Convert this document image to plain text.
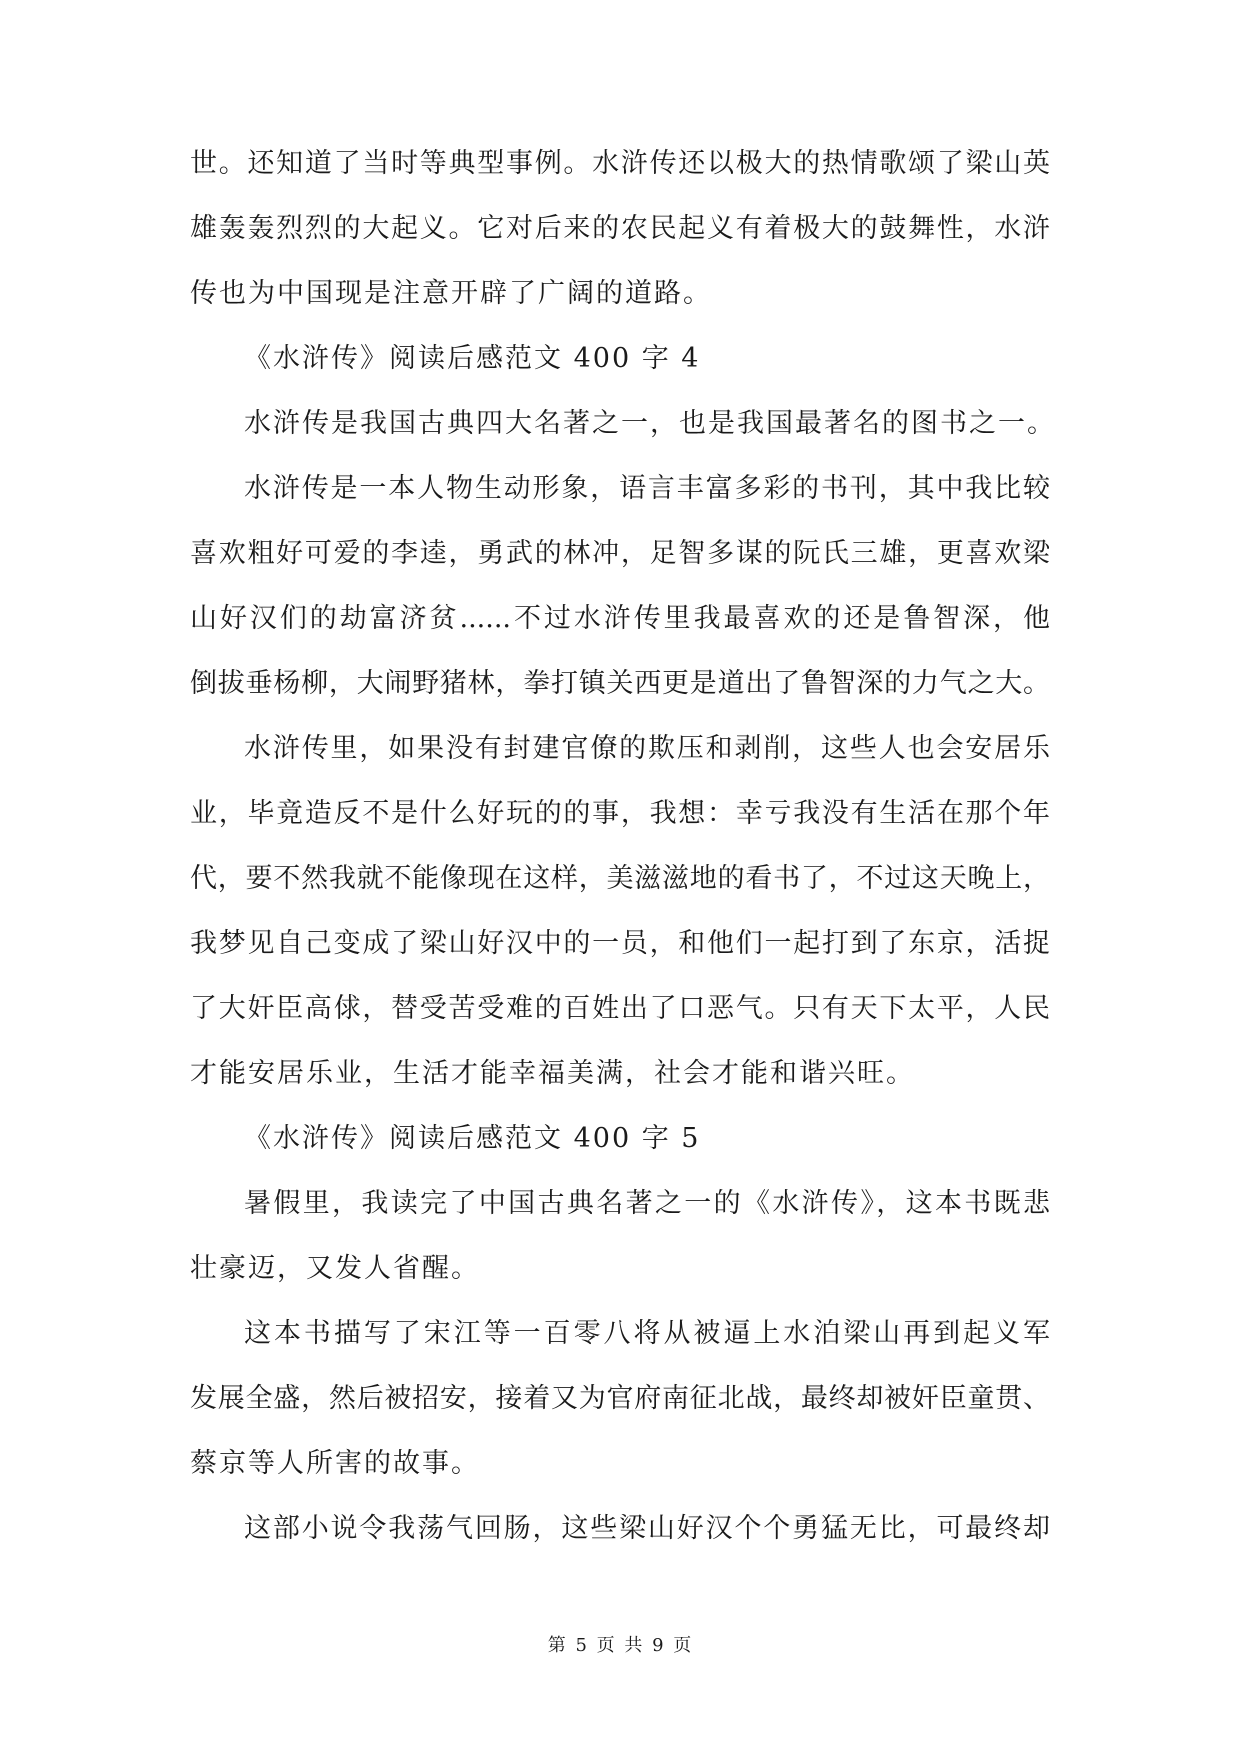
世。还知道了当时等典型事例。水浒传还以极大的热情歌颂了梁山英
雄轰轰烈烈的大起义。它对后来的农民起义有着极大的鼓舞性，水浒
传也为中国现是注意开辟了广阔的道路。
《水浒传》阅读后感范文 400 字 4
水浒传是我国古典四大名著之一，也是我国最著名的图书之一。
水浒传是一本人物生动形象，语言丰富多彩的书刊，其中我比较
喜欢粗好可爱的李逵，勇武的林冲，足智多谋的阮氏三雄，更喜欢梁
山好汉们的劫富济贫......不过水浒传里我最喜欢的还是鲁智深，他
倒拔垂杨柳，大闹野猪林，拳打镇关西更是道出了鲁智深的力气之大。
水浒传里，如果没有封建官僚的欺压和剥削，这些人也会安居乐
业，毕竟造反不是什么好玩的的事，我想：幸亏我没有生活在那个年
代，要不然我就不能像现在这样，美滋滋地的看书了，不过这天晚上，
我梦见自己变成了梁山好汉中的一员，和他们一起打到了东京，活捉
了大奸臣高俅，替受苦受难的百姓出了口恶气。只有天下太平，人民
才能安居乐业，生活才能幸福美满，社会才能和谐兴旺。
《水浒传》阅读后感范文 400 字 5
暑假里，我读完了中国古典名著之一的《水浒传》，这本书既悲
壮豪迈，又发人省醒。
这本书描写了宋江等一百零八将从被逼上水泊梁山再到起义军
发展全盛，然后被招安，接着又为官府南征北战，最终却被奸臣童贯、
蔡京等人所害的故事。
这部小说令我荡气回肠，这些梁山好汉个个勇猛无比，可最终却
第 5 页 共 9 页
